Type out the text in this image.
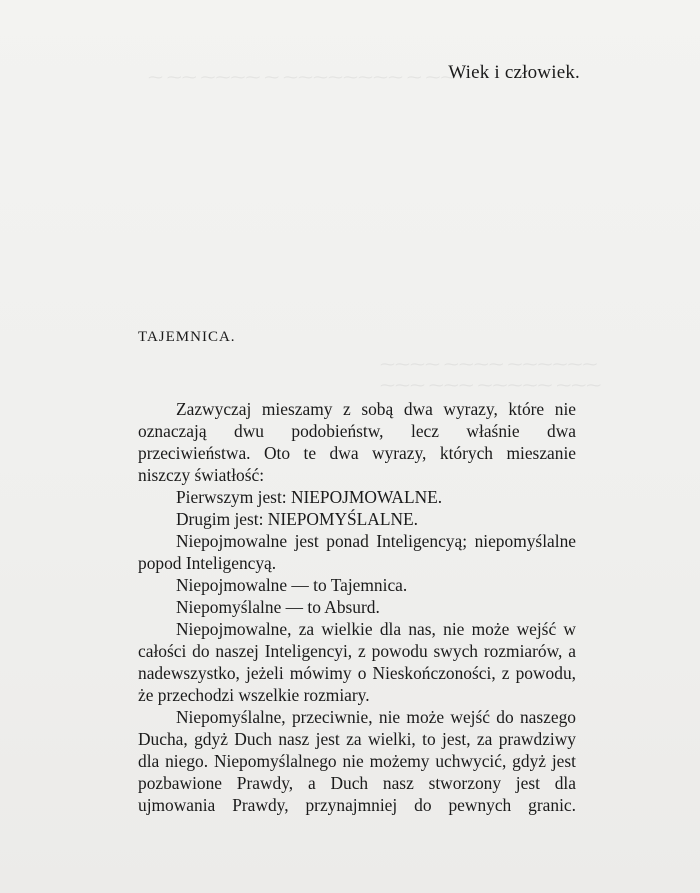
⁓ ⁓⁓ ⁓⁓⁓⁓ ⁓ ⁓⁓⁓⁓⁓⁓⁓⁓ ⁓ ⁓⁓
⁓⁓⁓⁓ ⁓⁓⁓⁓ ⁓⁓⁓⁓⁓⁓
⁓⁓⁓ ⁓⁓⁓ ⁓⁓⁓⁓⁓ ⁓⁓⁓
Wiek i człowiek.
TAJEMNICA.

Zazwyczaj mieszamy z sobą dwa wyrazy, które nie oznaczają dwu podobieństw, lecz właśnie dwa przeciwieństwa. Oto te dwa wyrazy, których mieszanie niszczy światłość:

Pierwszym jest: NIEPOJMOWALNE.

Drugim jest: NIEPOMYŚLALNE.

Niepojmowalne jest ponad Inteligencyą; niepomyślalne popod Inteligencyą.

Niepojmowalne — to Tajemnica.

Niepomyślalne — to Absurd.

Niepojmowalne, za wielkie dla nas, nie może wejść w całości do naszej Inteligencyi, z powodu swych rozmiarów, a nadewszystko, jeżeli mówimy o Nieskończoności, z powodu, że przechodzi wszelkie rozmiary.

Niepomyślalne, przeciwnie, nie może wejść do naszego Ducha, gdyż Duch nasz jest za wielki, to jest, za prawdziwy dla niego. Niepomyślalnego nie możemy uchwycić, gdyż jest pozbawione Prawdy, a Duch nasz stworzony jest dla ujmowania Prawdy, przynajmniej do pewnych granic.
